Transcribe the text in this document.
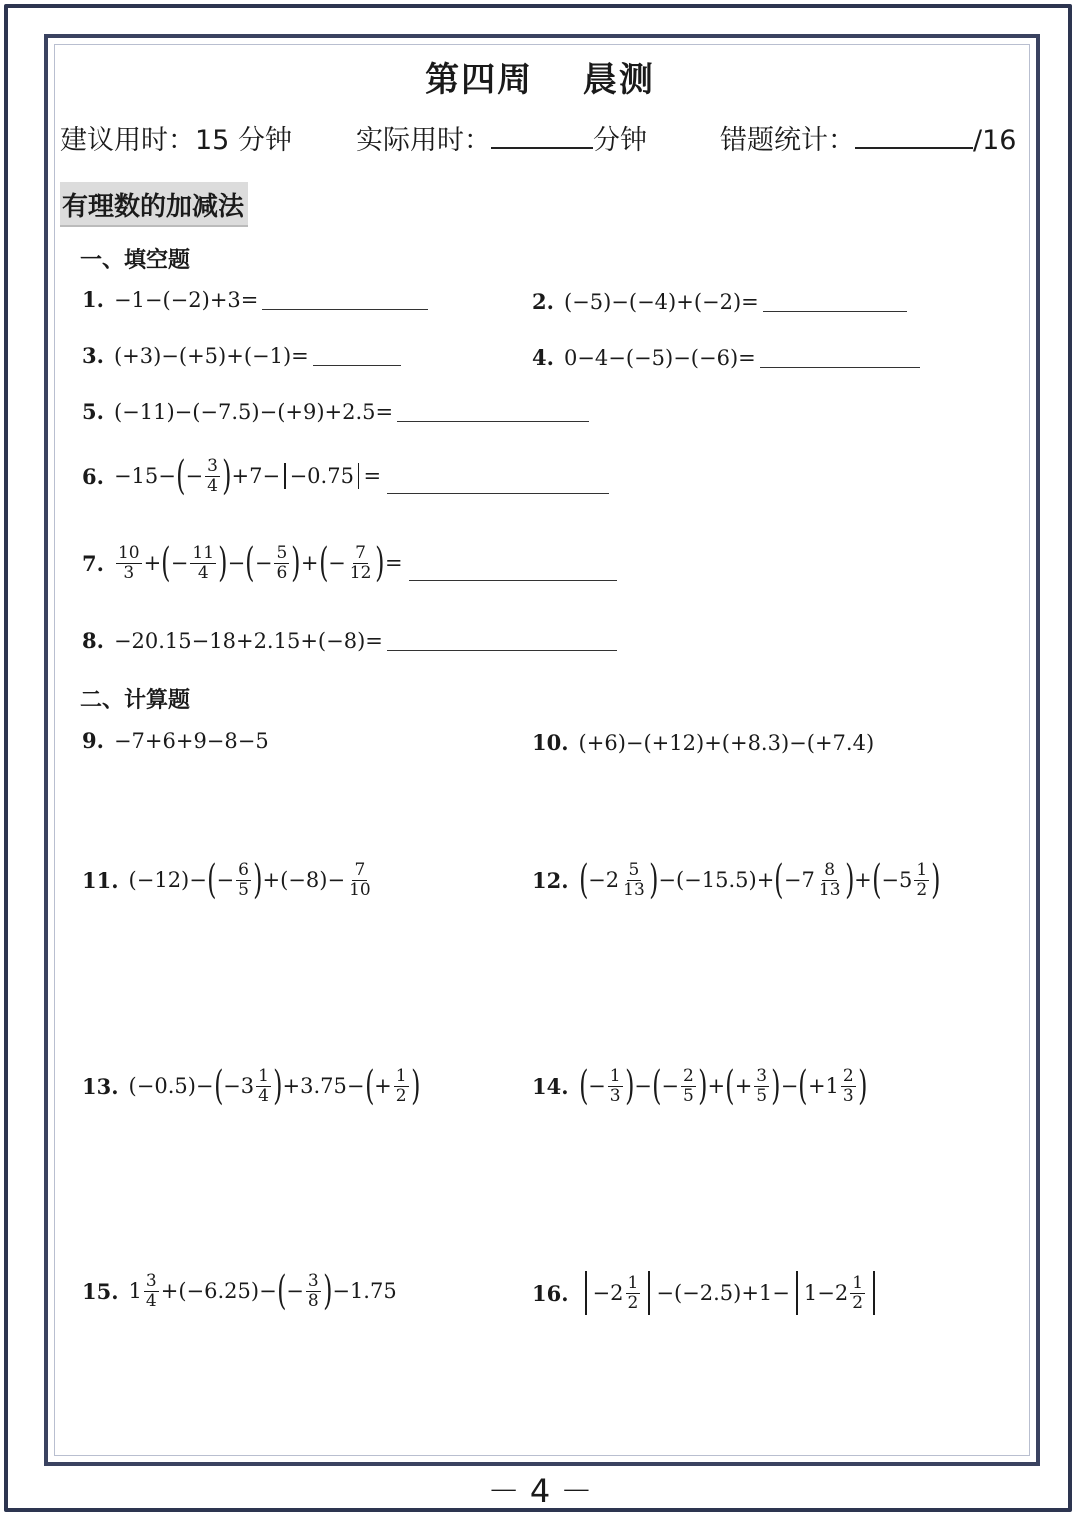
第四周　 晨测
建议用时：15 分钟 实际用时：	分钟	错题统计：	/16
有理数的加减法
一、填空题
1. −1−(−2)+3=	2. (−5)−(−4)+(−2)=
3. (+3)−(+5)+(−1)=	4. 0−4−(−5)−(−6)=
5. (−11)−(−7.5)−(+9)+2.5=
6. −15− ( − $\frac{3}{4}$ ) +7− −0.75 =
7. $\frac{10}{3}$ + ( − $\frac{11}{4}$ ) − ( − $\frac{5}{6}$ ) + ( − $\frac{7}{12}$ ) =
8. −20.15−18+2.15+(−8)=
二、计算题
9. −7+6+9−8−5	10. (+6)−(+12)+(+8.3)−(+7.4)
11. (−12)− ( − $\frac{6}{5}$ ) $+(-8)- \frac{7}{10}$	12. ( $-2 \frac{5}{13}$ ) −(−15.5)+ ( $-7 \frac{8}{13}$ ) + ( $-5 \frac{1}{2}$ )
13. (−0.5)− ( $-3 \frac{1}{4}$ ) +3.75− ( + $\frac{1}{2}$ )	14. ( − $\frac{1}{3}$ ) − ( − $\frac{2}{5}$ ) + ( + $\frac{3}{5}$ ) − ( $+1 \frac{2}{3}$ )
15. $1 \frac{3}{4} +(-6.25)-$ ( − $\frac{3}{8}$ ) −1.75	16. $-2 \frac{1}{2} -(-2.5)+1- 1-2 \frac{1}{2}$
－ 4 －
